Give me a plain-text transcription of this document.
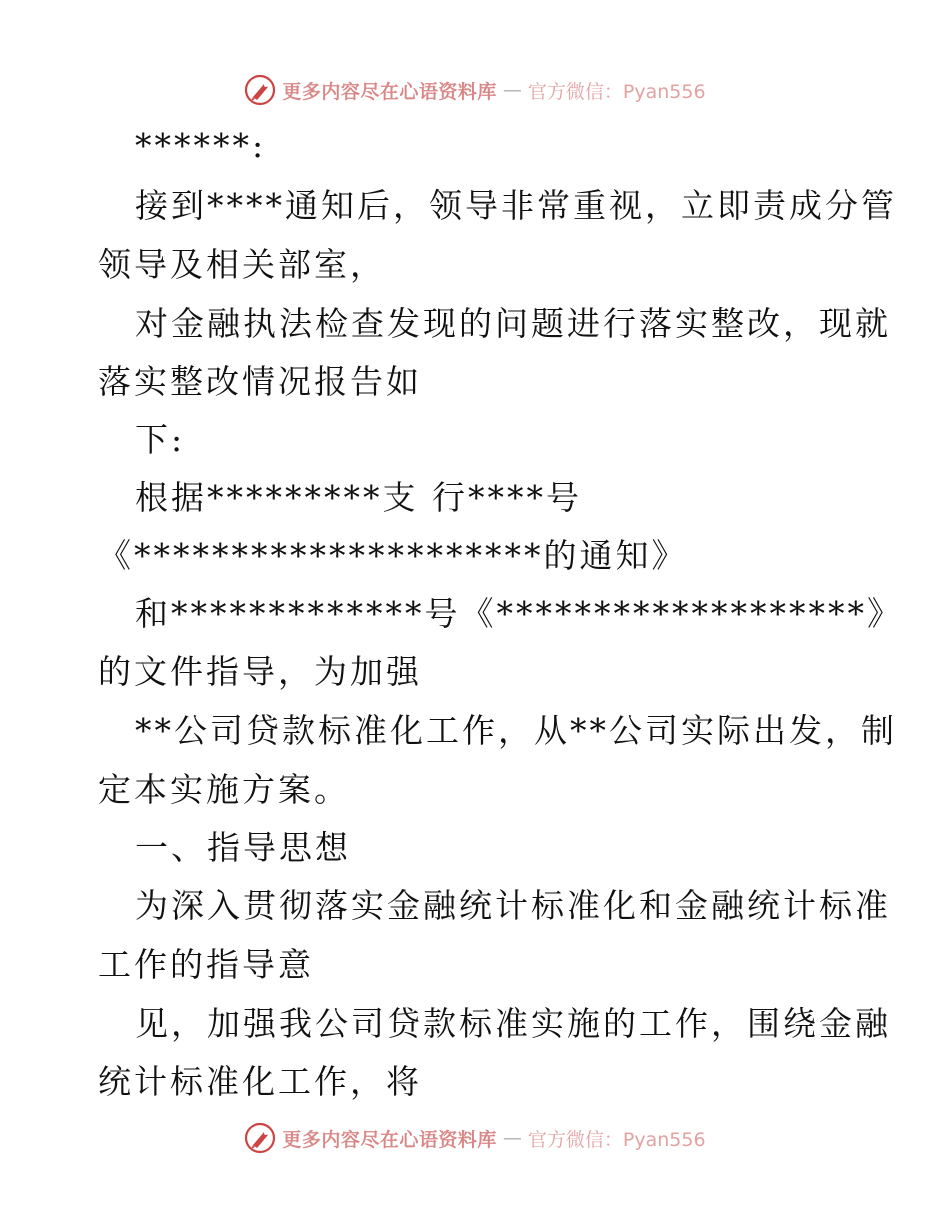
更多内容尽在心语资料库 — 官方微信：Pyan556
******:
接到****通知后，领导非常重视，立即责成分管
领导及相关部室，
对金融执法检查发现的问题进行落实整改，现就
落实整改情况报告如
下:
根据*********支 行****号
《*********************的通知》
和*************号《*******************》
的文件指导，为加强
**公司贷款标准化工作，从**公司实际出发，制
定本实施方案。
一、指导思想
为深入贯彻落实金融统计标准化和金融统计标准
工作的指导意
见，加强我公司贷款标准实施的工作，围绕金融
统计标准化工作，将
更多内容尽在心语资料库 — 官方微信：Pyan556
